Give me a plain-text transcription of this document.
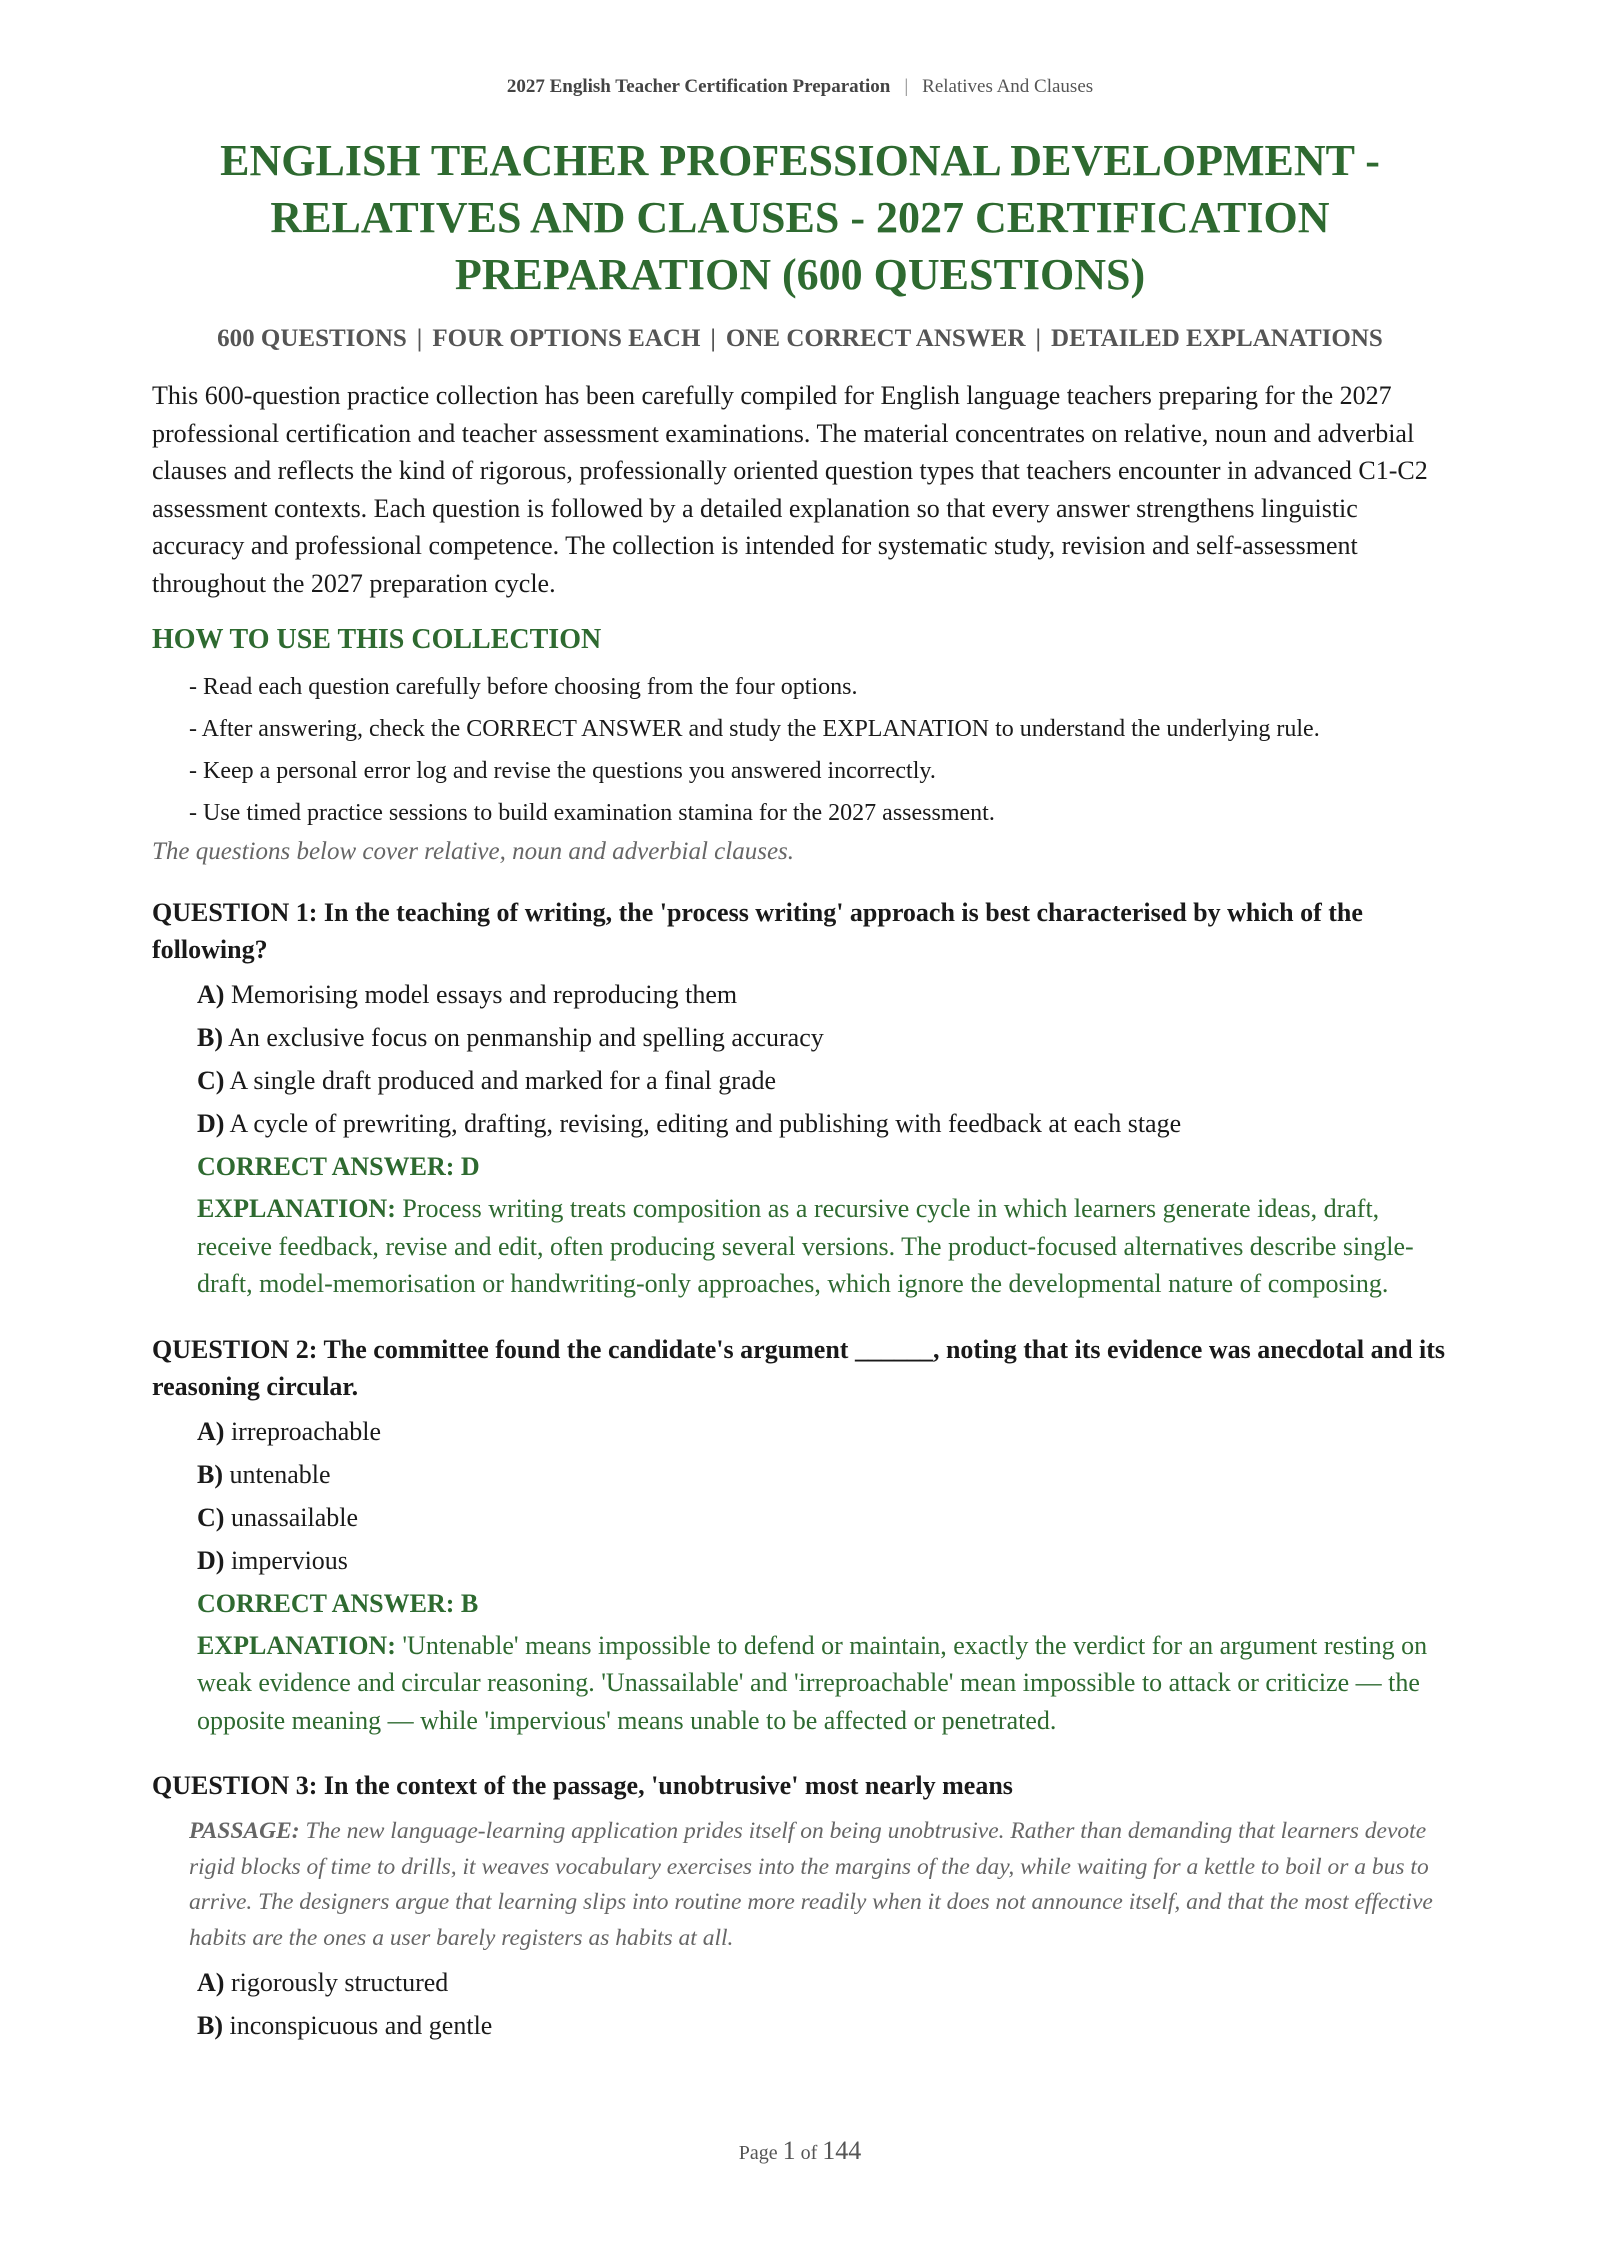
2027 English Teacher Certification Preparation | Relatives And Clauses
ENGLISH TEACHER PROFESSIONAL DEVELOPMENT - RELATIVES AND CLAUSES - 2027 CERTIFICATION PREPARATION (600 QUESTIONS)
600 QUESTIONS | FOUR OPTIONS EACH | ONE CORRECT ANSWER | DETAILED EXPLANATIONS

This 600-question practice collection has been carefully compiled for English language teachers preparing for the 2027 professional certification and teacher assessment examinations. The material concentrates on relative, noun and adverbial clauses and reflects the kind of rigorous, professionally oriented question types that teachers encounter in advanced C1-C2 assessment contexts. Each question is followed by a detailed explanation so that every answer strengthens linguistic accuracy and professional competence. The collection is intended for systematic study, revision and self-assessment throughout the 2027 preparation cycle.

HOW TO USE THIS COLLECTION
- Read each question carefully before choosing from the four options.
- After answering, check the CORRECT ANSWER and study the EXPLANATION to understand the underlying rule.
- Keep a personal error log and revise the questions you answered incorrectly.
- Use timed practice sessions to build examination stamina for the 2027 assessment.
The questions below cover relative, noun and adverbial clauses.
QUESTION 1: In the teaching of writing, the 'process writing' approach is best characterised by which of the following?
A) Memorising model essays and reproducing them
B) An exclusive focus on penmanship and spelling accuracy
C) A single draft produced and marked for a final grade
D) A cycle of prewriting, drafting, revising, editing and publishing with feedback at each stage
CORRECT ANSWER: D
EXPLANATION: Process writing treats composition as a recursive cycle in which learners generate ideas, draft, receive feedback, revise and edit, often producing several versions. The product-focused alternatives describe single-draft, model-memorisation or handwriting-only approaches, which ignore the developmental nature of composing.
QUESTION 2: The committee found the candidate's argument ______, noting that its evidence was anecdotal and its reasoning circular.
A) irreproachable
B) untenable
C) unassailable
D) impervious
CORRECT ANSWER: B
EXPLANATION: 'Untenable' means impossible to defend or maintain, exactly the verdict for an argument resting on weak evidence and circular reasoning. 'Unassailable' and 'irreproachable' mean impossible to attack or criticize — the opposite meaning — while 'impervious' means unable to be affected or penetrated.
QUESTION 3: In the context of the passage, 'unobtrusive' most nearly means
PASSAGE: The new language-learning application prides itself on being unobtrusive. Rather than demanding that learners devote rigid blocks of time to drills, it weaves vocabulary exercises into the margins of the day, while waiting for a kettle to boil or a bus to arrive. The designers argue that learning slips into routine more readily when it does not announce itself, and that the most effective habits are the ones a user barely registers as habits at all.
A) rigorously structured
B) inconspicuous and gentle
Page 1 of 144
